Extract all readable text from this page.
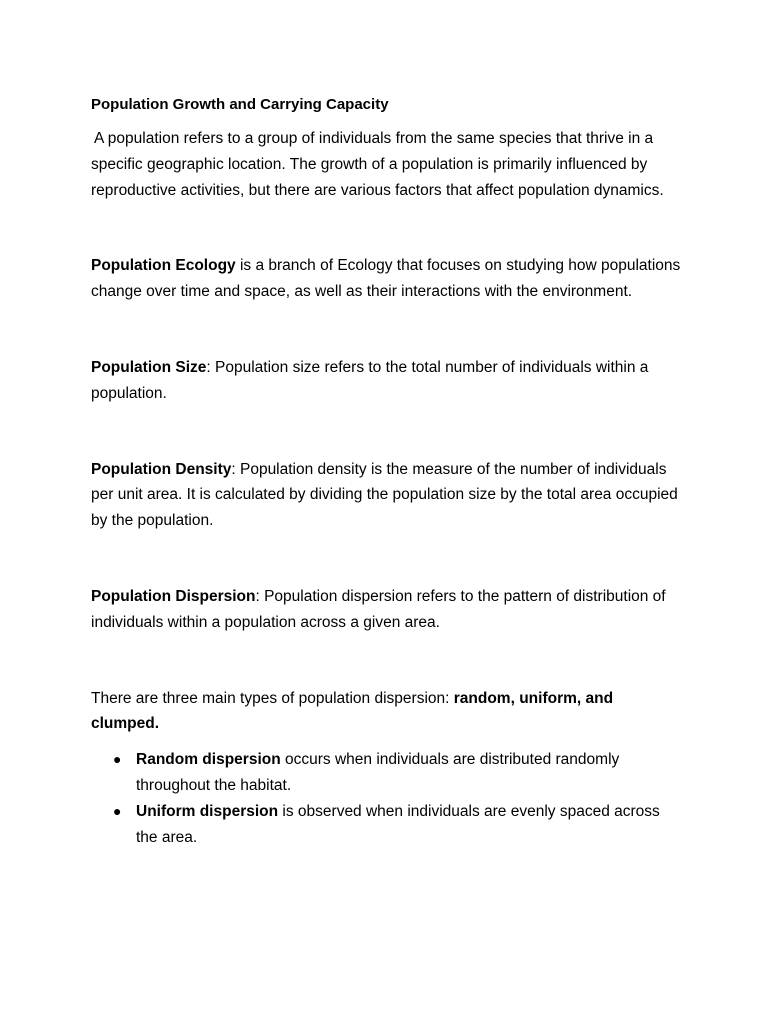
Population Growth and Carrying Capacity

A population refers to a group of individuals from the same species that thrive in a specific geographic location. The growth of a population is primarily influenced by reproductive activities, but there are various factors that affect population dynamics.

Population Ecology is a branch of Ecology that focuses on studying how populations change over time and space, as well as their interactions with the environment.

Population Size: Population size refers to the total number of individuals within a population.

Population Density: Population density is the measure of the number of individuals per unit area. It is calculated by dividing the population size by the total area occupied by the population.

Population Dispersion: Population dispersion refers to the pattern of distribution of individuals within a population across a given area.

There are three main types of population dispersion: random, uniform, and clumped.

● Random dispersion occurs when individuals are distributed randomly throughout the habitat.
● Uniform dispersion is observed when individuals are evenly spaced across the area.
